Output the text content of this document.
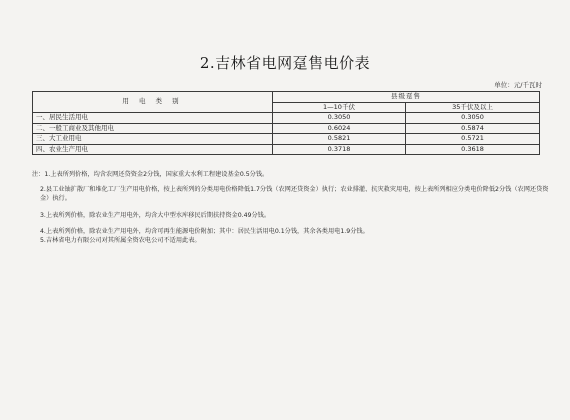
2.吉林省电网趸售电价表
单位：元/千瓦时
用 电 类 别	县级趸售	
	1—10千伏	35千伏及以上
一、居民生活用电	0.3050	0.3050
二、一般工商业及其他用电	0.6024	0.5874
三、大工业用电	0.5821	0.5721
四、农业生产用电	0.3718	0.3618

注：1.上表所列价格，均含农网还贷资金2分钱，国家重大水利工程建设基金0.5分钱。

2.县工业铀扩散厂和堆化工厂生产用电价格，按上表所列的分类用电价格降低1.7分钱（农网还贷资金）执行；农业排灌、抗灾救灾用电，按上表所列相应分类电价降低2分钱（农网还贷资金）执行。

3.上表所列价格，除农业生产用电外，均含大中型水库移民后期扶持资金0.49分钱。

4.上表所列价格，除农业生产用电外，均含可再生能源电价附加；其中：居民生活用电0.1分钱，其余各类用电1.9分钱。

5.吉林省电力有限公司对其所属全资农电公司不适用此表。
